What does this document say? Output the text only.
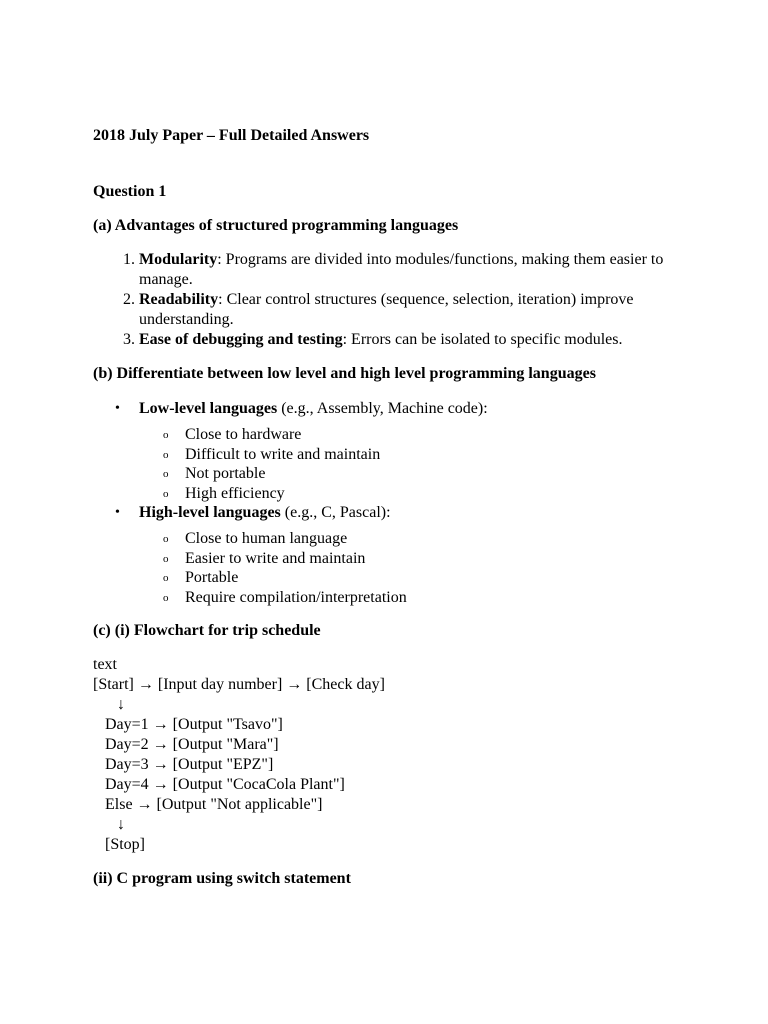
2018 July Paper – Full Detailed Answers

Question 1

(a) Advantages of structured programming languages

1. Modularity: Programs are divided into modules/functions, making them easier to manage.
2. Readability: Clear control structures (sequence, selection, iteration) improve understanding.
3. Ease of debugging and testing: Errors can be isolated to specific modules.

(b) Differentiate between low level and high level programming languages

• Low-level languages (e.g., Assembly, Machine code):
o Close to hardware
o Difficult to write and maintain
o Not portable
o High efficiency
• High-level languages (e.g., C, Pascal):
o Close to human language
o Easier to write and maintain
o Portable
o Require compilation/interpretation

(c) (i) Flowchart for trip schedule

text
[Start] → [Input day number] → [Check day]
↓
Day=1 → [Output "Tsavo"]
Day=2 → [Output "Mara"]
Day=3 → [Output "EPZ"]
Day=4 → [Output "CocaCola Plant"]
Else → [Output "Not applicable"]
↓
[Stop]

(ii) C program using switch statement
